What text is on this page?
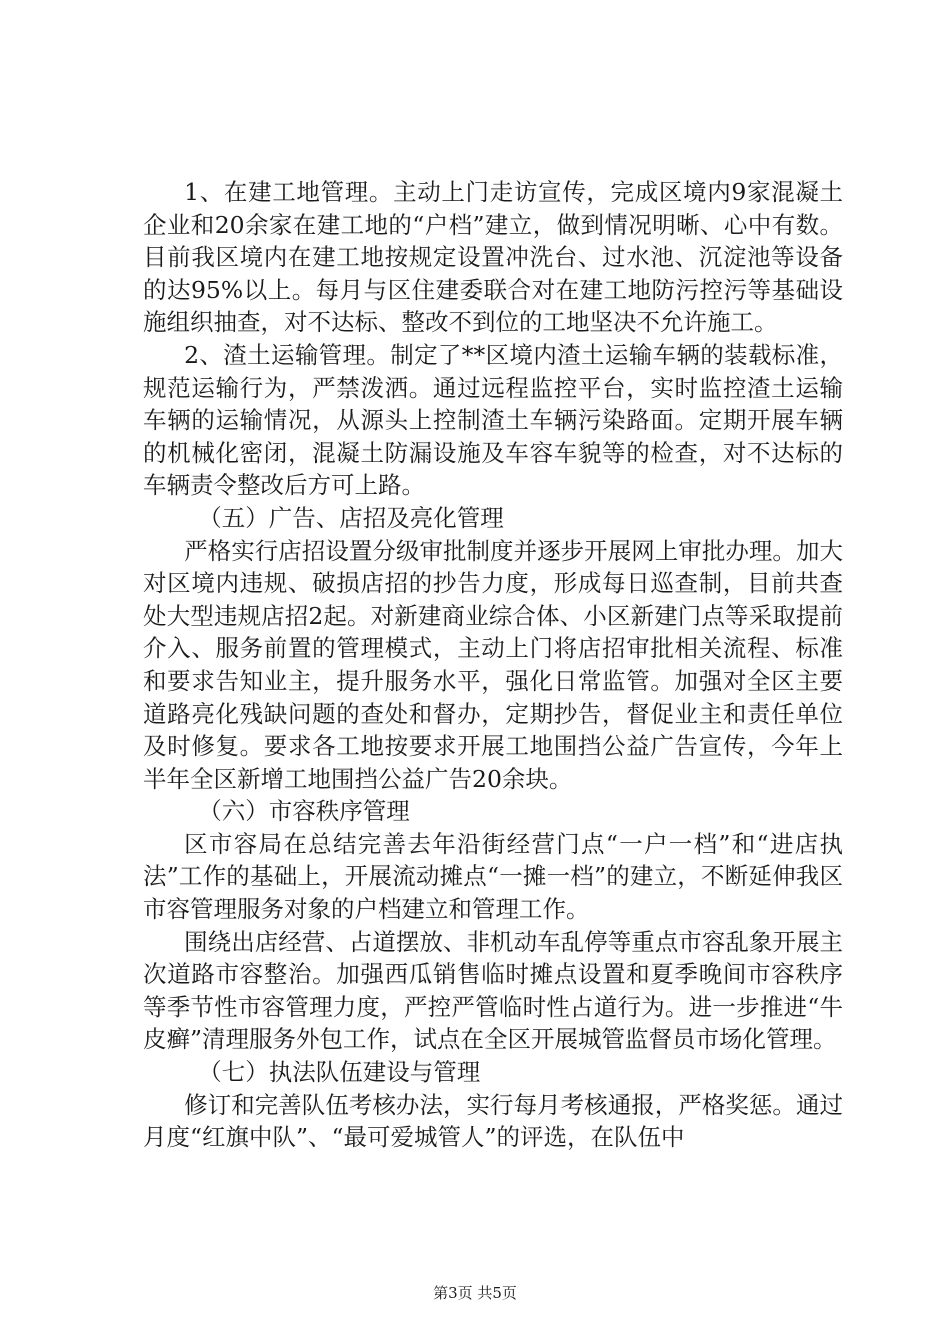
1、在建工地管理。主动上门走访宣传，完成区境内9家混凝土企业和20余家在建工地的“户档”建立，做到情况明晰、心中有数。目前我区境内在建工地按规定设置冲洗台、过水池、沉淀池等设备的达95%以上。每月与区住建委联合对在建工地防污控污等基础设施组织抽查，对不达标、整改不到位的工地坚决不允许施工。

2、渣土运输管理。制定了**区境内渣土运输车辆的装载标准，规范运输行为，严禁泼洒。通过远程监控平台，实时监控渣土运输车辆的运输情况，从源头上控制渣土车辆污染路面。定期开展车辆的机械化密闭，混凝土防漏设施及车容车貌等的检查，对不达标的车辆责令整改后方可上路。

（五）广告、店招及亮化管理

严格实行店招设置分级审批制度并逐步开展网上审批办理。加大对区境内违规、破损店招的抄告力度，形成每日巡查制，目前共查处大型违规店招2起。对新建商业综合体、小区新建门点等采取提前介入、服务前置的管理模式，主动上门将店招审批相关流程、标准和要求告知业主，提升服务水平，强化日常监管。加强对全区主要道路亮化残缺问题的查处和督办，定期抄告，督促业主和责任单位及时修复。要求各工地按要求开展工地围挡公益广告宣传，今年上半年全区新增工地围挡公益广告20余块。

（六）市容秩序管理

区市容局在总结完善去年沿街经营门点“一户一档”和“进店执法”工作的基础上，开展流动摊点“一摊一档”的建立，不断延伸我区市容管理服务对象的户档建立和管理工作。

围绕出店经营、占道摆放、非机动车乱停等重点市容乱象开展主次道路市容整治。加强西瓜销售临时摊点设置和夏季晚间市容秩序等季节性市容管理力度，严控严管临时性占道行为。进一步推进“牛皮癣”清理服务外包工作，试点在全区开展城管监督员市场化管理。

（七）执法队伍建设与管理

修订和完善队伍考核办法，实行每月考核通报，严格奖惩。通过月度“红旗中队”、“最可爱城管人”的评选，在队伍中

第3页 共5页
